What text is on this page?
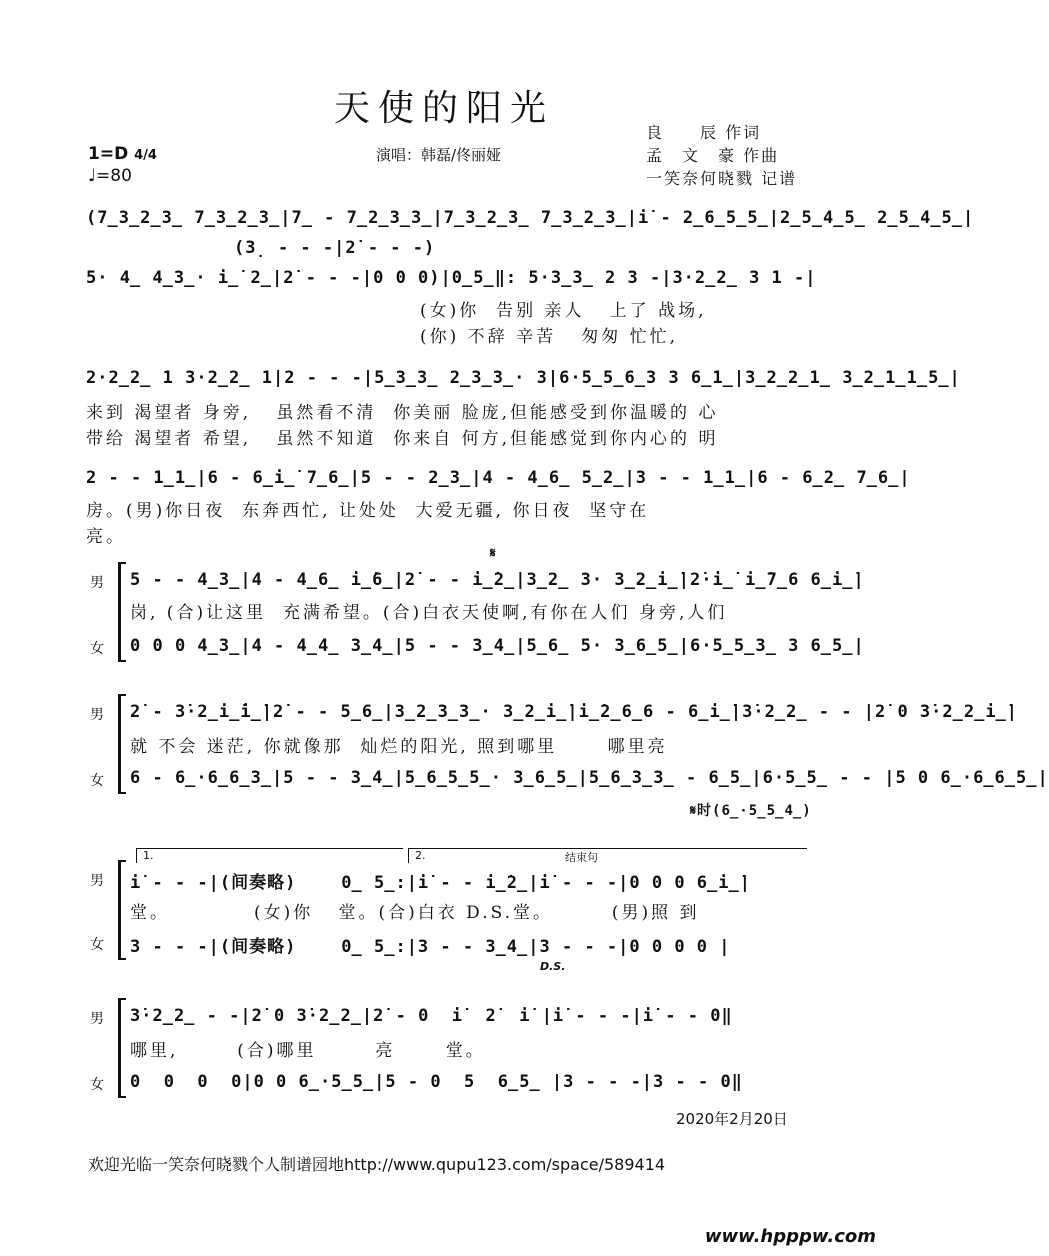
天使的阳光
1=D 4/4
♩=80
演唱：韩磊/佟丽娅
良　　辰 作词
孟　文　豪 作曲
一笑奈何晓戮 记谱
(7̲3̲2̲3̲ 7̲3̲2̲3̲|7̲ - 7̲2̲3̲3̲|7̲3̲2̲3̲ 7̲3̲2̲3̲|i̇ - 2̲6̲5̲5̲|2̲5̲4̲5̲ 2̲5̲4̲5̲|
(3̣ - - -|2̇ - - -)
5· 4̲ 4̲3̲· i̲̇ 2̲|2̇ - - -|0 0 0)|0̲5̲‖: 5·3̲3̲ 2 3 -|3·2̲2̲ 3 1 -|
(女)你  告别 亲人   上了 战场,
(你) 不辞 辛苦   匆匆 忙忙,
2·2̲2̲ 1 3·2̲2̲ 1|2 - - -|5̲3̲3̲ 2̲3̲3̲· 3|6·5̲5̲6̲3 3 6̲1̲|3̲2̲2̲1̲ 3̲2̲1̲1̲5̲|
来到 渴望者 身旁,   虽然看不清  你美丽 脸庞,但能感受到你温暖的 心
带给 渴望者 希望,   虽然不知道  你来自 何方,但能感觉到你内心的 明
2 - - 1̲1̲|6 - 6̲i̲̇ 7̲6̲|5 - - 2̲3̲|4 - 4̲6̲ 5̲2̲|3 - - 1̲1̲|6 - 6̲2̲ 7̲6̲|
房。(男)你日夜  东奔西忙, 让处处  大爱无疆, 你日夜  坚守在
亮。
男
女
𝄋
5 - - 4̲3̲|4 - 4̲6̲ i̲̇6̲|2̇ - - i̲̇2̲|3̲2̲ 3· 3̲2̲i̲̇|2̇·i̲̇ i̲̇7̲6 6̲i̲̇|
岗, (合)让这里  充满希望。(合)白衣天使啊,有你在人们 身旁,人们
0 0 0 4̲3̲|4 - 4̲4̲ 3̲4̲|5 - - 3̲4̲|5̲6̲ 5· 3̲6̲5̲|6·5̲5̲3̲ 3 6̲5̲|
男
女
2̇ - 3̇·2̲i̲̇i̲̇|2̇ - - 5̲6̲|3̲2̲3̲3̲· 3̲2̲i̲̇|i̲̇2̲6̲6 - 6̲i̲̇|3̇·2̲2̲ - - |2̇ 0 3̇·2̲2̲i̲̇|
就 不会 迷茫, 你就像那  灿烂的阳光, 照到哪里      哪里亮
6 - 6̲·6̲6̲3̲|5 - - 3̲4̲|5̲6̲5̲5̲· 3̲6̲5̲|5̲6̲3̲3̲ - 6̲5̲|6·5̲5̲ - - |5 0 6̲·6̲6̲5̲|
𝄋时(6̲·5̲5̲4̲)
1.	2.	结束句
男
女
i̇ - - -|(间奏略)    0̲ 5̲:|i̇ - - i̲̇2̲|i̇ - - -|0 0 0 6̲i̲̇|
堂。          (女)你   堂。(合)白衣 D.S.堂。       (男)照 到
3 - - -|(间奏略)    0̲ 5̲:|3 - - 3̲4̲|3 - - -|0 0 0 0 |
D.S.
男
女
3̇·2̲2̲ - -|2̇ 0 3̇·2̲2̲|2̇ - 0  i̇  2̇  i̇ |i̇ - - -|i̇ - - 0‖
哪里,       (合)哪里       亮      堂。
0  0  0  0|0 0 6̲·5̲5̲|5 - 0  5  6̲5̲ |3 - - -|3 - - 0‖
2020年2月20日
欢迎光临一笑奈何晓戮个人制谱园地http://www.qupu123.com/space/589414
www.hpppw.com
